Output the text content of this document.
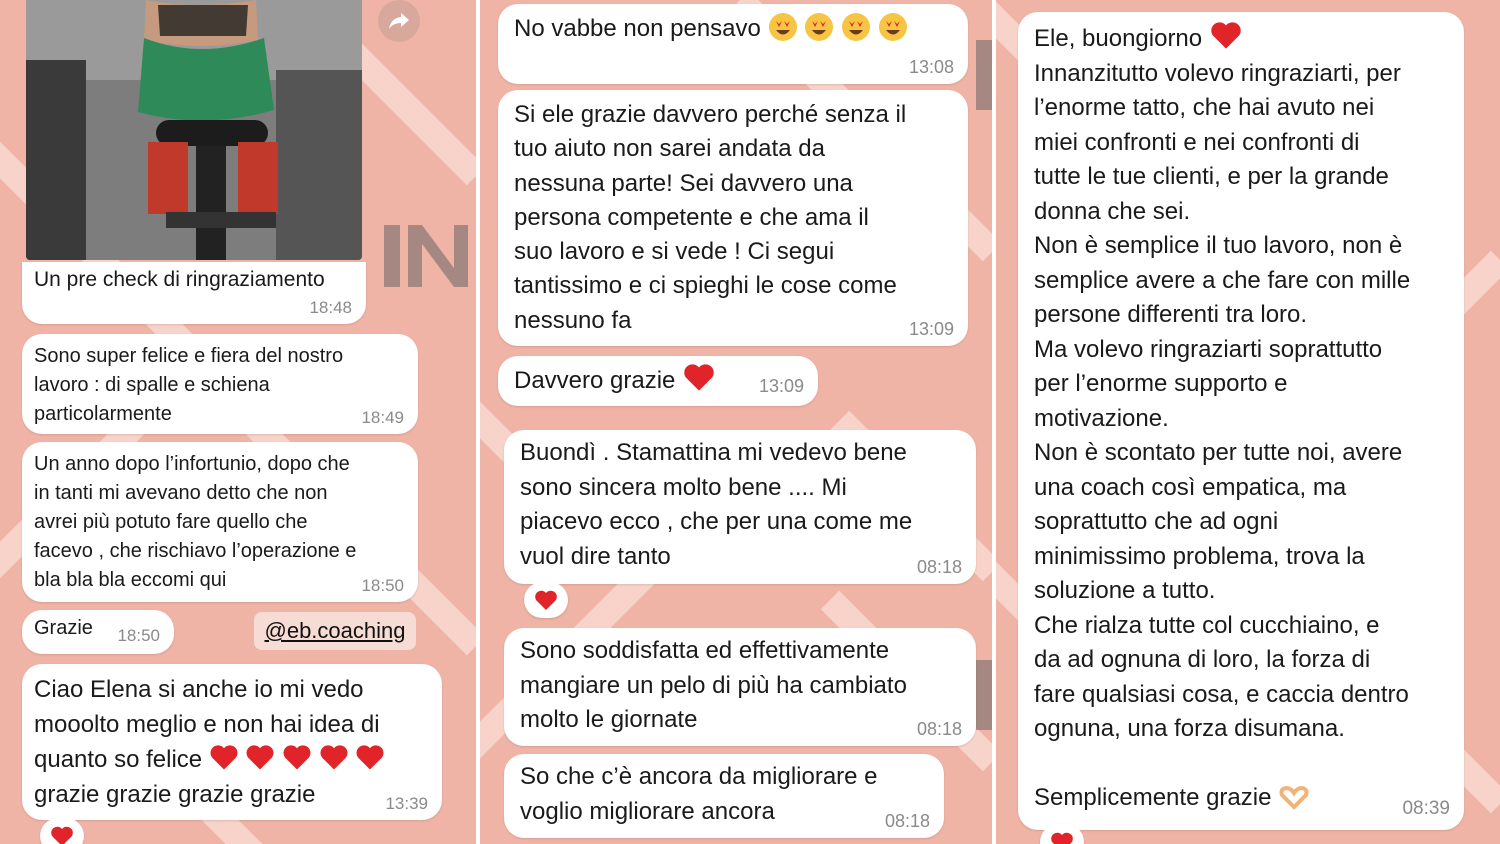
Un pre check di ringraziamento

18:48

Sono super felice e fiera del nostro
lavoro : di spalle e schiena
particolarmente	18:49

Un anno dopo l’infortunio, dopo che
in tanti mi avevano detto che non
avrei più potuto fare quello che
facevo , che rischiavo l’operazione e
bla bla bla eccomi qui	18:50

Grazie	18:50	@eb.coaching
Ciao Elena si anche io mi vedo
mooolto meglio e non hai idea di
quanto so felice
grazie grazie grazie grazie	13:39
No vabbe non pensavo
13:08

Si ele grazie davvero perché senza il
tuo aiuto non sarei andata da
nessuna parte! Sei davvero una
persona competente e che ama il
suo lavoro e si vede ! Ci segui
tantissimo e ci spieghi le cose come
nessuno fa	13:09
Davvero grazie	13:09

Buondì . Stamattina mi vedevo bene
sono sincera molto bene .... Mi
piacevo ecco , che per una come me
vuol dire tanto	08:18

Sono soddisfatta ed effettivamente
mangiare un pelo di più ha cambiato
molto le giornate	08:18

So che c’è ancora da migliorare e
voglio migliorare ancora	08:18
Ele, buongiorno

Innanzitutto volevo ringraziarti, per
l’enorme tatto, che hai avuto nei
miei confronti e nei confronti di
tutte le tue clienti, e per la grande
donna che sei.
Non è semplice il tuo lavoro, non è
semplice avere a che fare con mille
persone differenti tra loro.
Ma volevo ringraziarti soprattutto
per l’enorme supporto e
motivazione.
Non è scontato per tutte noi, avere
una coach così empatica, ma
soprattutto che ad ogni
minimissimo problema, trova la
soluzione a tutto.
Che rialza tutte col cucchiaino, e
da ad ognuna di loro, la forza di
fare qualsiasi cosa, e caccia dentro
ognuna, una forza disumana.

Semplicemente grazie	08:39
